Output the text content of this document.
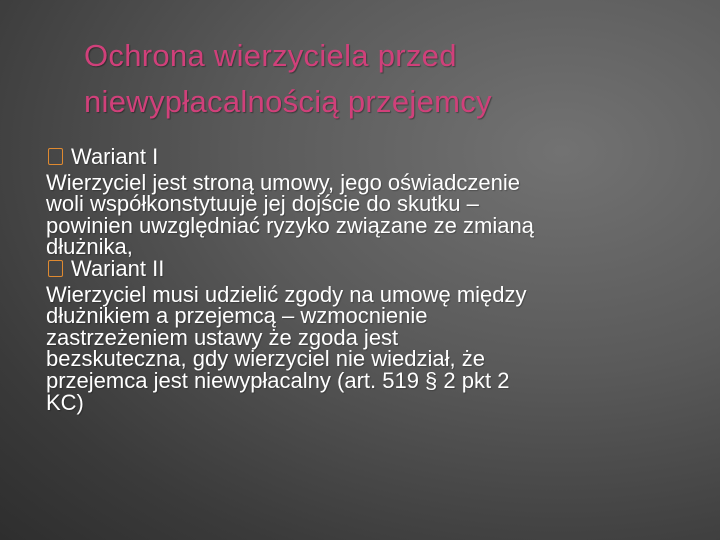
Ochrona wierzyciela przed
niewypłacalnością przejemcy
Wariant I
Wierzyciel jest stroną umowy, jego oświadczenie
woli współkonstytuuje jej dojście do skutku –
powinien uwzględniać ryzyko związane ze zmianą
dłużnika,
Wariant II
Wierzyciel musi udzielić zgody na umowę między
dłużnikiem a przejemcą – wzmocnienie
zastrzeżeniem ustawy że zgoda jest
bezskuteczna, gdy wierzyciel nie wiedział, że
przejemca jest niewypłacalny (art. 519 § 2 pkt 2
KC)
